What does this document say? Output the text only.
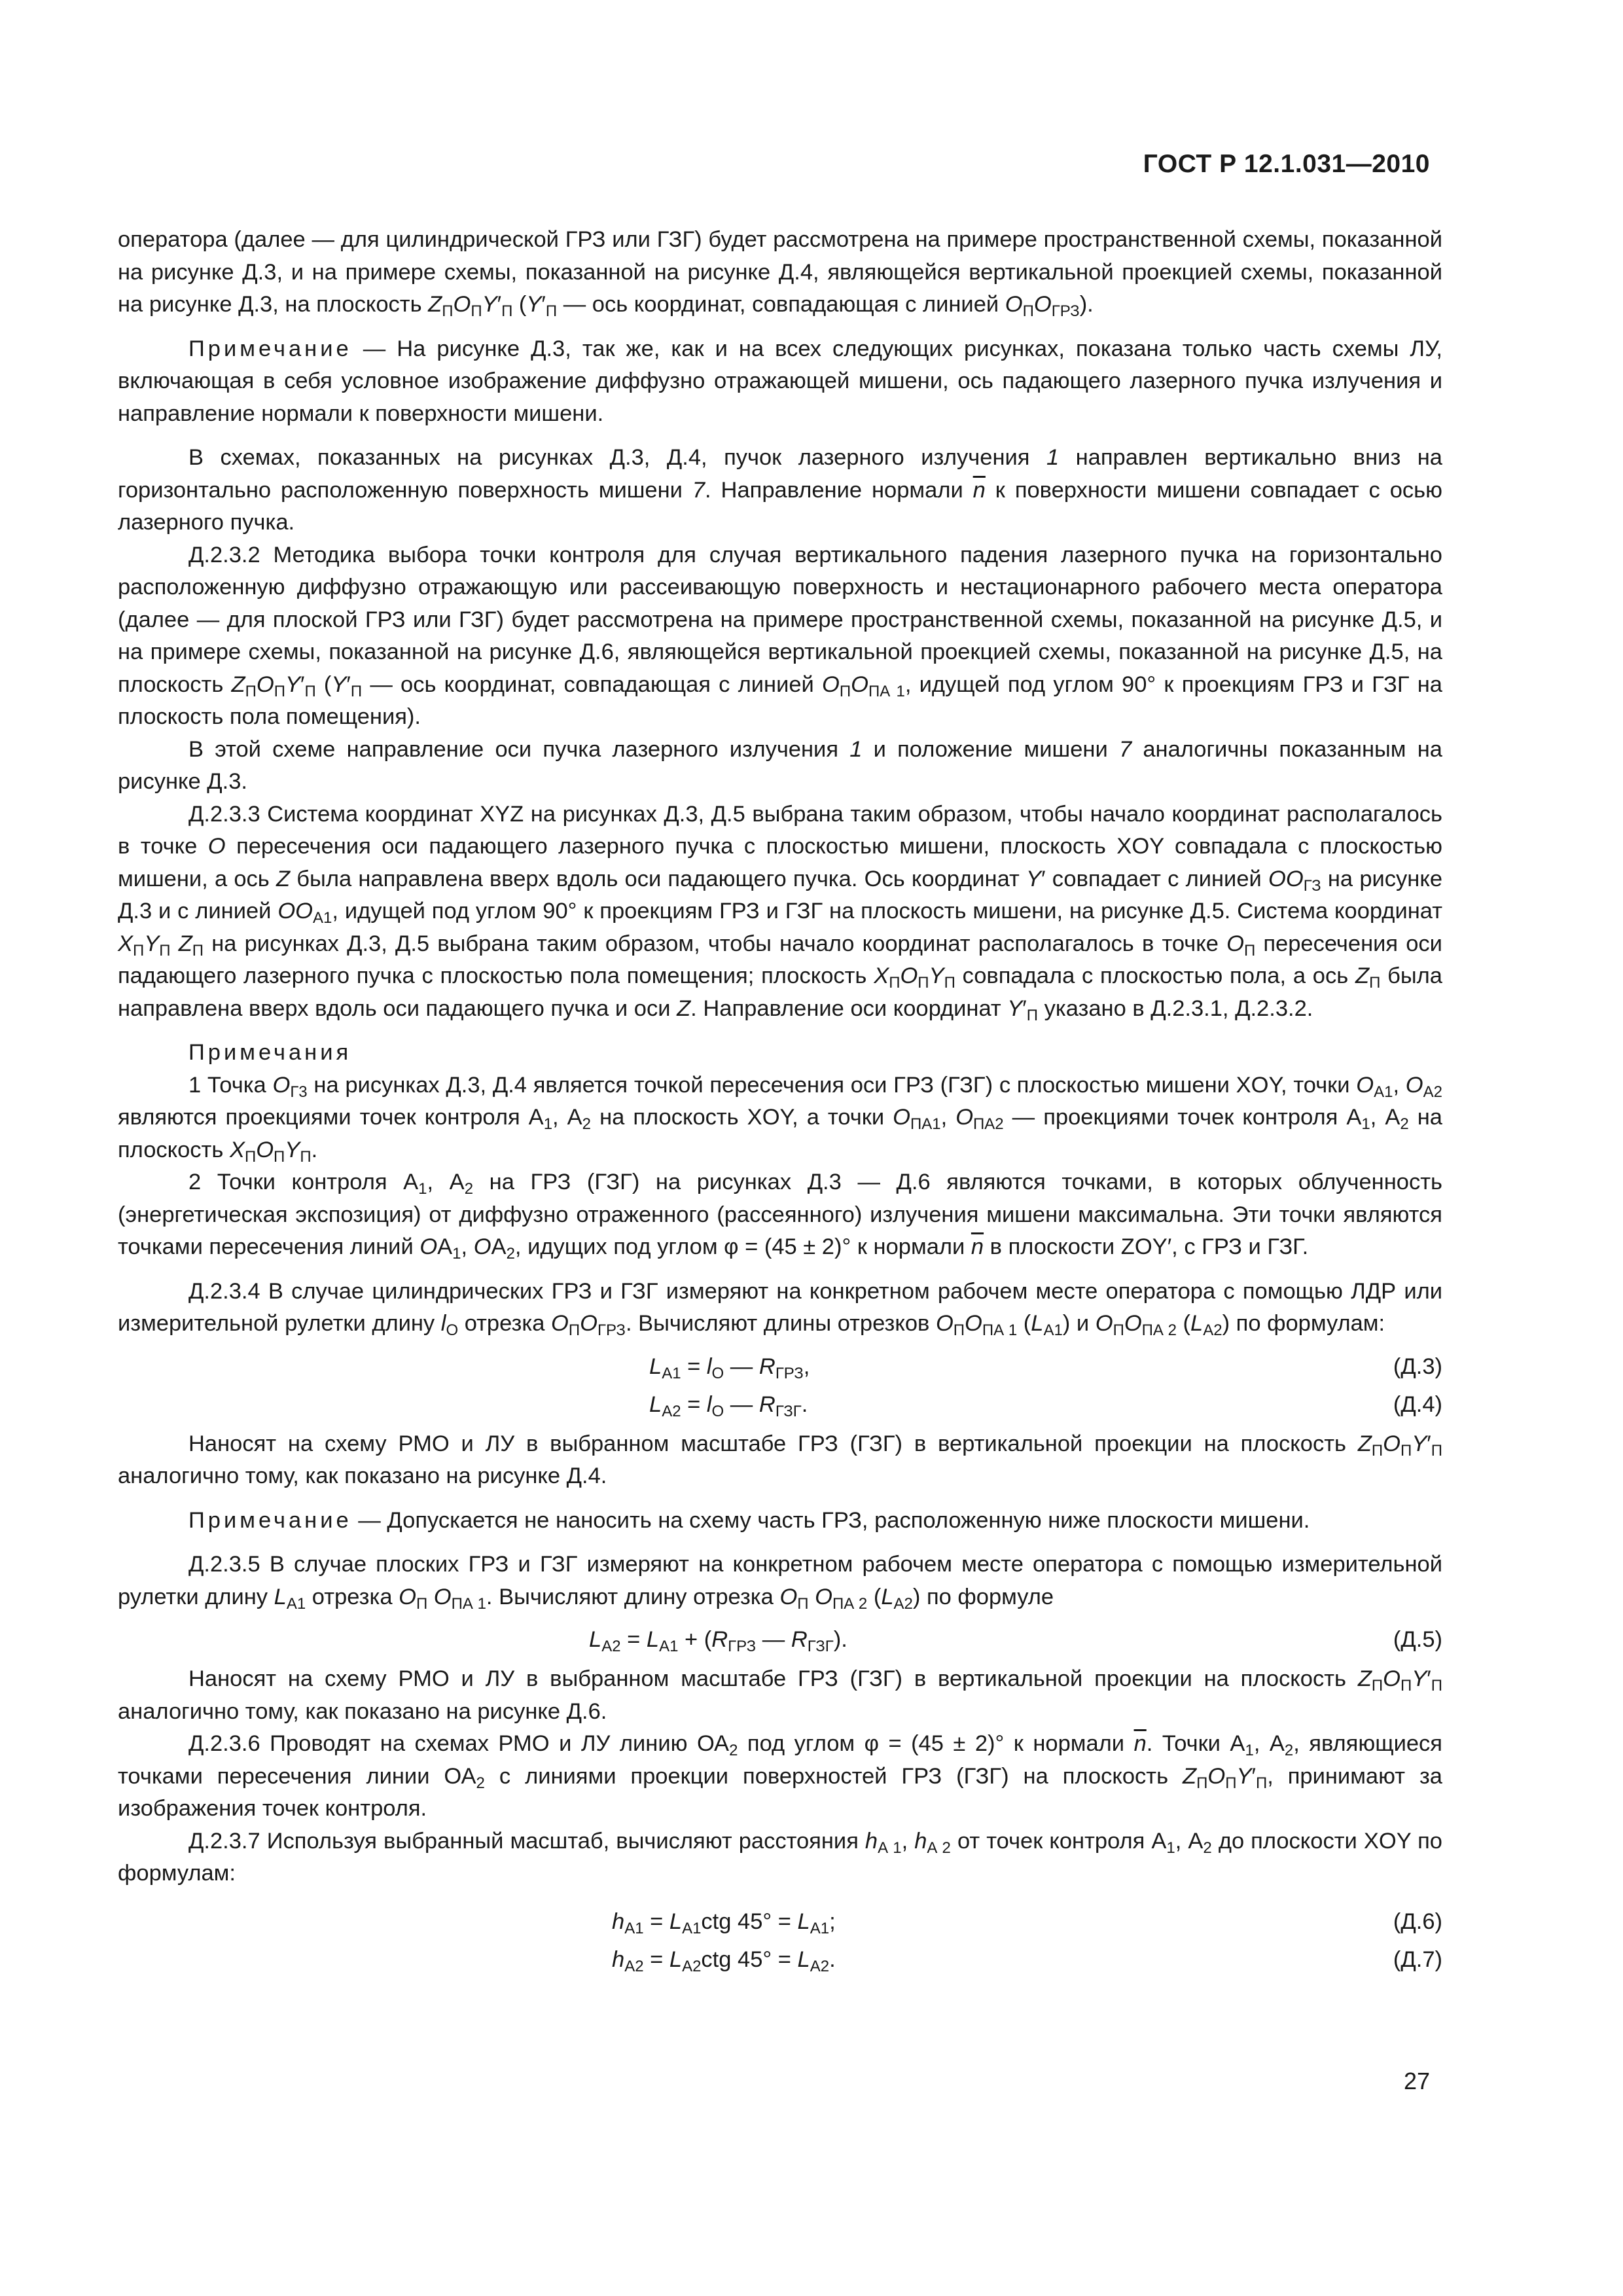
ГОСТ Р 12.1.031—2010

оператора (далее — для цилиндрической ГРЗ или ГЗГ) будет рассмотрена на примере пространственной схемы, показанной на рисунке Д.3, и на примере схемы, показанной на рисунке Д.4, являющейся вертикальной проекцией схемы, показанной на рисунке Д.3, на плоскость $Z_ПO_ПY'_П$ ($Y'_П$ — ось координат, совпадающая с линией $O_ПO_{ГРЗ}$).

Примечание — На рисунке Д.3, так же, как и на всех следующих рисунках, показана только часть схемы ЛУ, включающая в себя условное изображение диффузно отражающей мишени, ось падающего лазерного пучка излучения и направление нормали к поверхности мишени.

В схемах, показанных на рисунках Д.3, Д.4, пучок лазерного излучения 1 направлен вертикально вниз на горизонтально расположенную поверхность мишени 7. Направление нормали $\overline{n}$ к поверхности мишени совпадает с осью лазерного пучка.

Д.2.3.2 Методика выбора точки контроля для случая вертикального падения лазерного пучка на горизонтально расположенную диффузно отражающую или рассеивающую поверхность и нестационарного рабочего места оператора (далее — для плоской ГРЗ или ГЗГ) будет рассмотрена на примере пространственной схемы, показанной на рисунке Д.5, и на примере схемы, показанной на рисунке Д.6, являющейся вертикальной проекцией схемы, показанной на рисунке Д.5, на плоскость $Z_ПO_ПY'_П$ ($Y'_П$ — ось координат, совпадающая с линией $O_ПO_{ПА 1}$, идущей под углом 90° к проекциям ГРЗ и ГЗГ на плоскость пола помещения).

В этой схеме направление оси пучка лазерного излучения 1 и положение мишени 7 аналогичны показанным на рисунке Д.3.

Д.2.3.3 Система координат XYZ на рисунках Д.3, Д.5 выбрана таким образом, чтобы начало координат располагалось в точке O пересечения оси падающего лазерного пучка с плоскостью мишени, плоскость XOY совпадала с плоскостью мишени, а ось Z была направлена вверх вдоль оси падающего пучка. Ось координат Y′ совпадает с линией $OO_{ГЗ}$ на рисунке Д.3 и с линией $OO_{А1}$, идущей под углом 90° к проекциям ГРЗ и ГЗГ на плоскость мишени, на рисунке Д.5. Система координат $X_ПY_П$ $Z_П$ на рисунках Д.3, Д.5 выбрана таким образом, чтобы начало координат располагалось в точке $O_П$ пересечения оси падающего лазерного пучка с плоскостью пола помещения; плоскость $X_ПO_ПY_П$ совпадала с плоскостью пола, а ось $Z_П$ была направлена вверх вдоль оси падающего пучка и оси Z. Направление оси координат $Y'_П$ указано в Д.2.3.1, Д.2.3.2.

Примечания

1 Точка $O_{Г3}$ на рисунках Д.3, Д.4 является точкой пересечения оси ГРЗ (ГЗГ) с плоскостью мишени XOY, точки $O_{А1}$, $O_{А2}$ являются проекциями точек контроля $А_1$, $А_2$ на плоскость XOY, а точки $O_{ПА1}$, $O_{ПА2}$ — проекциями точек контроля $А_1$, $А_2$ на плоскость $X_ПO_ПY_П$.

2 Точки контроля $А_1$, $А_2$ на ГРЗ (ГЗГ) на рисунках Д.3 — Д.6 являются точками, в которых облученность (энергетическая экспозиция) от диффузно отраженного (рассеянного) излучения мишени максимальна. Эти точки являются точками пересечения линий $OА_1$, $OА_2$, идущих под углом φ = (45 ± 2)° к нормали $\overline{n}$ в плоскости ZOY′, с ГРЗ и ГЗГ.

Д.2.3.4 В случае цилиндрических ГРЗ и ГЗГ измеряют на конкретном рабочем месте оператора с помощью ЛДР или измерительной рулетки длину $l_O$ отрезка $O_ПO_{ГРЗ}$. Вычисляют длины отрезков $O_ПO_{ПА 1}$ $(L_{А1})$ и $O_ПO_{ПА 2}$ $(L_{А2})$ по формулам:

$L_{А1} = l_O$ — $R_{ГРЗ}$,	(Д.3)
$L_{А2} = l_O$ — $R_{ГЗГ}$.	(Д.4)

Наносят на схему РМО и ЛУ в выбранном масштабе ГРЗ (ГЗГ) в вертикальной проекции на плоскость $Z_ПO_ПY'_П$ аналогично тому, как показано на рисунке Д.4.

Примечание — Допускается не наносить на схему часть ГРЗ, расположенную ниже плоскости мишени.

Д.2.3.5 В случае плоских ГРЗ и ГЗГ измеряют на конкретном рабочем месте оператора с помощью измерительной рулетки длину $L_{А1}$ отрезка $O_П$ $O_{ПА 1}$. Вычисляют длину отрезка $O_П$ $O_{ПА 2}$ $(L_{А2})$ по формуле

$L_{А2} = L_{А1} + (R_{ГРЗ}$ — $R_{ГЗГ}$).	(Д.5)

Наносят на схему РМО и ЛУ в выбранном масштабе ГРЗ (ГЗГ) в вертикальной проекции на плоскость $Z_ПO_ПY'_П$ аналогично тому, как показано на рисунке Д.6.

Д.2.3.6 Проводят на схемах РМО и ЛУ линию $ОА_2$ под углом φ = (45 ± 2)° к нормали $\overline{n}$. Точки $А_1$, $А_2$, являющиеся точками пересечения линии $ОА_2$ с линиями проекции поверхностей ГРЗ (ГЗГ) на плоскость $Z_ПO_ПY'_П$, принимают за изображения точек контроля.

Д.2.3.7 Используя выбранный масштаб, вычисляют расстояния $h_{А 1}$, $h_{А 2}$ от точек контроля $А_1$, $А_2$ до плоскости XOY по формулам:

$h_{А1} = L_{А1}ctg$ $45^\circ = L_{А1}$;	(Д.6)
$h_{А2} = L_{А2}ctg$ $45^\circ = L_{А2}$.	(Д.7)
27
